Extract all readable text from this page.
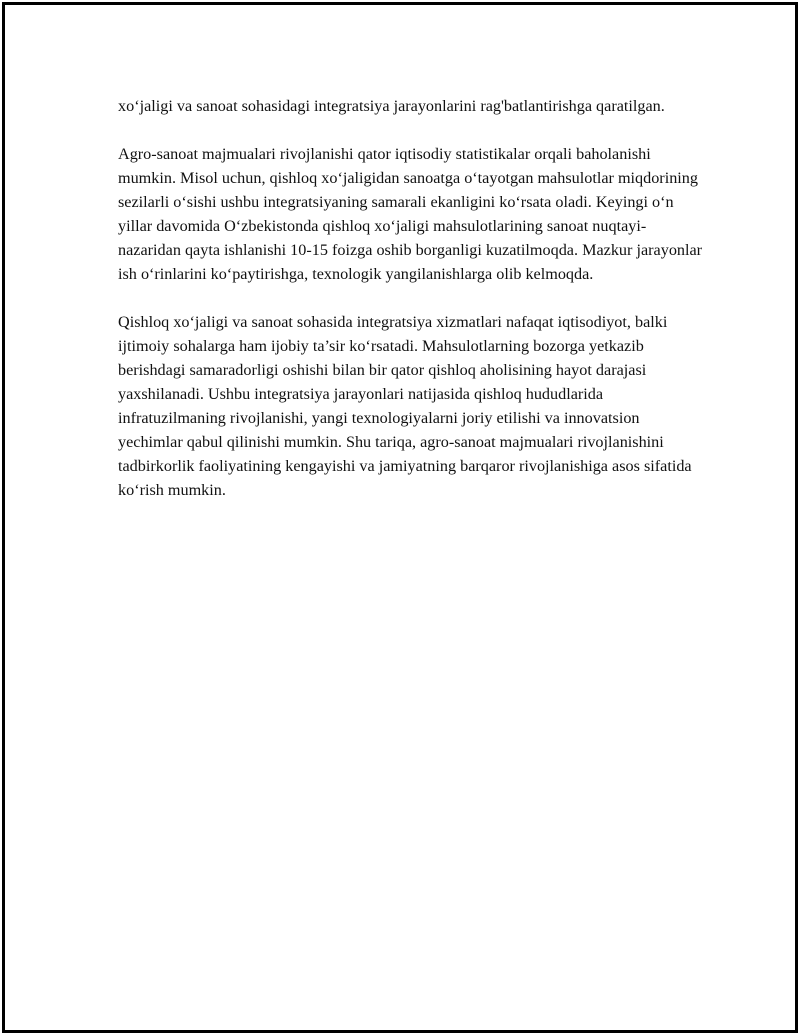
xo‘jaligi va sanoat sohasidagi integratsiya jarayonlarini rag'batlantirishga qaratilgan.

Agro-sanoat majmualari rivojlanishi qator iqtisodiy statistikalar orqali baholanishi mumkin. Misol uchun, qishloq xo‘jaligidan sanoatga o‘tayotgan mahsulotlar miqdorining sezilarli o‘sishi ushbu integratsiyaning samarali ekanligini ko‘rsata oladi. Keyingi o‘n yillar davomida O‘zbekistonda qishloq xo‘jaligi mahsulotlarining sanoat nuqtayi-nazaridan qayta ishlanishi 10-15 foizga oshib borganligi kuzatilmoqda. Mazkur jarayonlar ish o‘rinlarini ko‘paytirishga, texnologik yangilanishlarga olib kelmoqda.

Qishloq xo‘jaligi va sanoat sohasida integratsiya xizmatlari nafaqat iqtisodiyot, balki ijtimoiy sohalarga ham ijobiy ta’sir ko‘rsatadi. Mahsulotlarning bozorga yetkazib berishdagi samaradorligi oshishi bilan bir qator qishloq aholisining hayot darajasi yaxshilanadi. Ushbu integratsiya jarayonlari natijasida qishloq hududlarida infratuzilmaning rivojlanishi, yangi texnologiyalarni joriy etilishi va innovatsion yechimlar qabul qilinishi mumkin. Shu tariqa, agro-sanoat majmualari rivojlanishini tadbirkorlik faoliyatining kengayishi va jamiyatning barqaror rivojlanishiga asos sifatida ko‘rish mumkin.
